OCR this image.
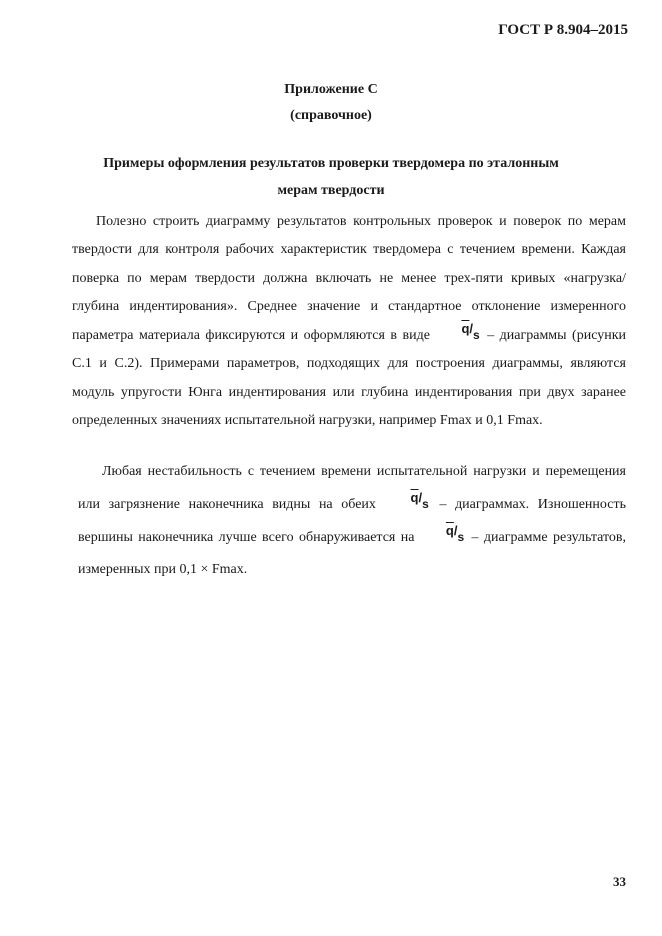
ГОСТ Р 8.904–2015
Приложение С
(справочное)
Примеры оформления результатов проверки твердомера по эталонным
мерам твердости

Полезно строить диаграмму результатов контрольных проверок и поверок по мерам твердости для контроля рабочих характеристик твердомера с течением времени. Каждая поверка по мерам твердости должна включать не менее трех-пяти кривых «нагрузка/глубина индентирования». Среднее значение и стандартное отклонение измеренного параметра материала фиксируются и оформляются в виде $\overline{q}/s$ – диаграммы (рисунки С.1 и С.2). Примерами параметров, подходящих для построения диаграммы, являются модуль упругости Юнга индентирования или глубина индентирования при двух заранее определенных значениях испытательной нагрузки, например Fmax и 0,1 Fmax.

Любая нестабильность с течением времени испытательной нагрузки и перемещения или загрязнение наконечника видны на обеих	$\overline{q}/s$ – диаграммах. Изношенность вершины наконечника лучше всего обнаруживается на $\overline{q}/s$ – диаграмме результатов, измеренных при 0,1 × Fmax.

33
